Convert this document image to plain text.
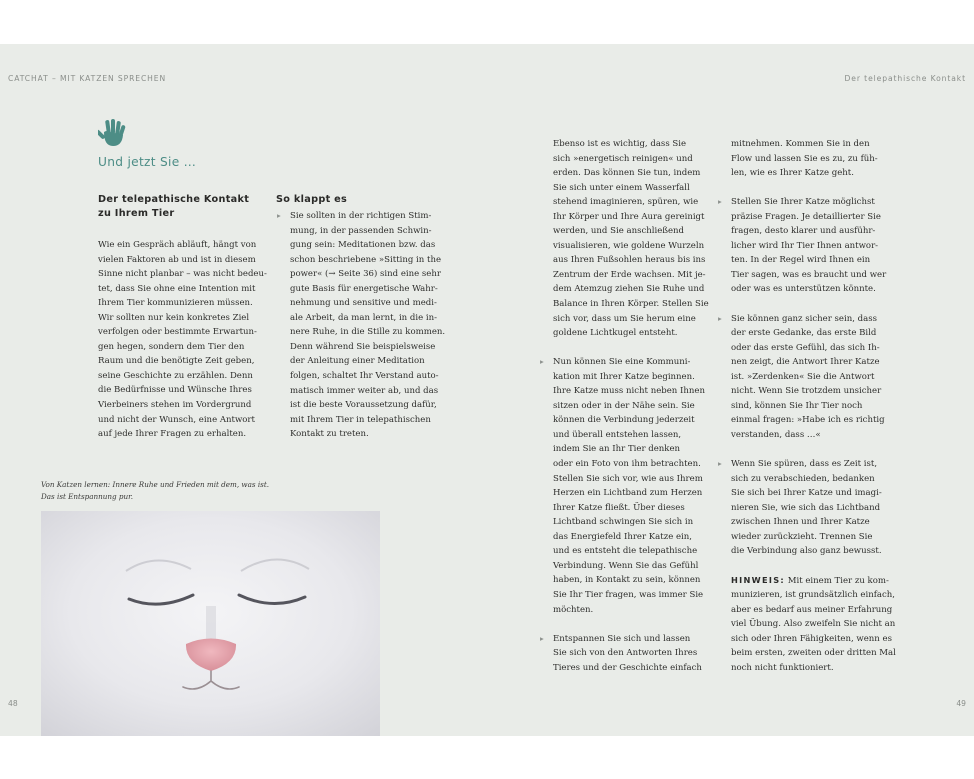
CATCHAT – MIT KATZEN SPRECHEN	Der telepathische Kontakt
Und jetzt Sie …
Der telepathische Kontakt
zu Ihrem Tier
So klappt es
Wie ein Gespräch abläuft, hängt von
vielen Faktoren ab und ist in diesem
Sinne nicht planbar – was nicht bedeu-
tet, dass Sie ohne eine Intention mit
Ihrem Tier kommunizieren müssen.
Wir sollten nur kein konkretes Ziel
verfolgen oder bestimmte Erwartun-
gen hegen, sondern dem Tier den
Raum und die benötigte Zeit geben,
seine Geschichte zu erzählen. Denn
die Bedürfnisse und Wünsche Ihres
Vierbeiners stehen im Vordergrund
und nicht der Wunsch, eine Antwort
auf jede Ihrer Fragen zu erhalten.
▸ Sie sollten in der richtigen Stim-
mung, in der passenden Schwin-
gung sein: Meditationen bzw. das
schon beschriebene »Sitting in the
power« (→ Seite 36) sind eine sehr
gute Basis für energetische Wahr-
nehmung und sensitive und medi-
ale Arbeit, da man lernt, in die in-
nere Ruhe, in die Stille zu kommen.
Denn während Sie beispielsweise
der Anleitung einer Meditation
folgen, schaltet Ihr Verstand auto-
matisch immer weiter ab, und das
ist die beste Voraussetzung dafür,
mit Ihrem Tier in telepathischen
Kontakt zu treten.
Ebenso ist es wichtig, dass Sie
sich »energetisch reinigen« und
erden. Das können Sie tun, indem
Sie sich unter einem Wasserfall
stehend imaginieren, spüren, wie
Ihr Körper und Ihre Aura gereinigt
werden, und Sie anschließend
visualisieren, wie goldene Wurzeln
aus Ihren Fußsohlen heraus bis ins
Zentrum der Erde wachsen. Mit je-
dem Atemzug ziehen Sie Ruhe und
Balance in Ihren Körper. Stellen Sie
sich vor, dass um Sie herum eine
goldene Lichtkugel entsteht.
▸ Nun können Sie eine Kommuni-
kation mit Ihrer Katze beginnen.
Ihre Katze muss nicht neben Ihnen
sitzen oder in der Nähe sein. Sie
können die Verbindung jederzeit
und überall entstehen lassen,
indem Sie an Ihr Tier denken
oder ein Foto von ihm betrachten.
Stellen Sie sich vor, wie aus Ihrem
Herzen ein Lichtband zum Herzen
Ihrer Katze fließt. Über dieses
Lichtband schwingen Sie sich in
das Energiefeld Ihrer Katze ein,
und es entsteht die telepathische
Verbindung. Wenn Sie das Gefühl
haben, in Kontakt zu sein, können
Sie Ihr Tier fragen, was immer Sie
möchten.
▸ Entspannen Sie sich und lassen
Sie sich von den Antworten Ihres
Tieres und der Geschichte einfach
mitnehmen. Kommen Sie in den
Flow und lassen Sie es zu, zu füh-
len, wie es Ihrer Katze geht.
▸ Stellen Sie Ihrer Katze möglichst
präzise Fragen. Je detaillierter Sie
fragen, desto klarer und ausführ-
licher wird Ihr Tier Ihnen antwor-
ten. In der Regel wird Ihnen ein
Tier sagen, was es braucht und wer
oder was es unterstützen könnte.
▸ Sie können ganz sicher sein, dass
der erste Gedanke, das erste Bild
oder das erste Gefühl, das sich Ih-
nen zeigt, die Antwort Ihrer Katze
ist. »Zerdenken« Sie die Antwort
nicht. Wenn Sie trotzdem unsicher
sind, können Sie Ihr Tier noch
einmal fragen: »Habe ich es richtig
verstanden, dass …«
▸ Wenn Sie spüren, dass es Zeit ist,
sich zu verabschieden, bedanken
Sie sich bei Ihrer Katze und imagi-
nieren Sie, wie sich das Lichtband
zwischen Ihnen und Ihrer Katze
wieder zurückzieht. Trennen Sie
die Verbindung also ganz bewusst.
HINWEIS: Mit einem Tier zu kom-
munizieren, ist grundsätzlich einfach,
aber es bedarf aus meiner Erfahrung
viel Übung. Also zweifeln Sie nicht an
sich oder Ihren Fähigkeiten, wenn es
beim ersten, zweiten oder dritten Mal
noch nicht funktioniert.
Von Katzen lernen: Innere Ruhe und Frieden mit dem, was ist.
Das ist Entspannung pur.
48	49
